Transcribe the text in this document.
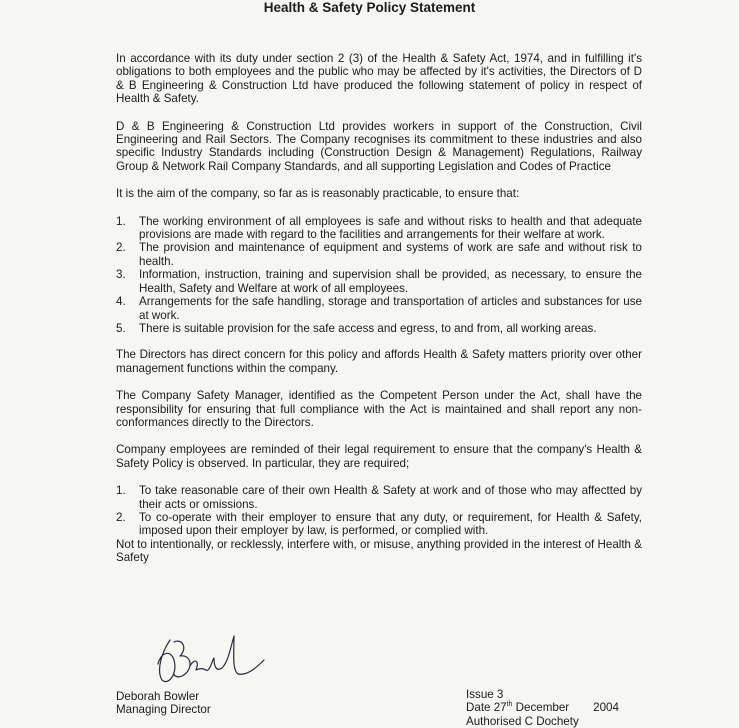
Health & Safety Policy Statement

In accordance with its duty under section 2 (3) of the Health & Safety Act, 1974, and in fulfilling it's obligations to both employees and the public who may be affected by it's activities, the Directors of D & B Engineering & Construction Ltd have produced the following statement of policy in respect of Health & Safety.

D & B Engineering & Construction Ltd provides workers in support of the Construction, Civil Engineering and Rail Sectors. The Company recognises its commitment to these industries and also specific Industry Standards including (Construction Design & Management) Regulations, Railway Group & Network Rail Company Standards, and all supporting Legislation and Codes of Practice

It is the aim of the company, so far as is reasonably practicable, to ensure that:

1. The working environment of all employees is safe and without risks to health and that adequate provisions are made with regard to the facilities and arrangements for their welfare at work.
2. The provision and maintenance of equipment and systems of work are safe and without risk to health.
3. Information, instruction, training and supervision shall be provided, as necessary, to ensure the Health, Safety and Welfare at work of all employees.
4. Arrangements for the safe handling, storage and transportation of articles and substances for use at work.
5. There is suitable provision for the safe access and egress, to and from, all working areas.

The Directors has direct concern for this policy and affords Health & Safety matters priority over other management functions within the company.

The Company Safety Manager, identified as the Competent Person under the Act, shall have the responsibility for ensuring that full compliance with the Act is maintained and shall report any non-conformances directly to the Directors.

Company employees are reminded of their legal requirement to ensure that the company's Health & Safety Policy is observed. In particular, they are required;

1. To take reasonable care of their own Health & Safety at work and of those who may affectted by their acts or omissions.
2. To co-operate with their employer to ensure that any duty, or requirement, for Health & Safety, imposed upon their employer by law, is performed, or complied with.

Not to intentionally, or recklessly, interfere with, or misuse, anything provided in the interest of Health & Safety

Deborah Bowler
Managing Director
Issue 3
Date 27th December 2004
Authorised C Dochety
